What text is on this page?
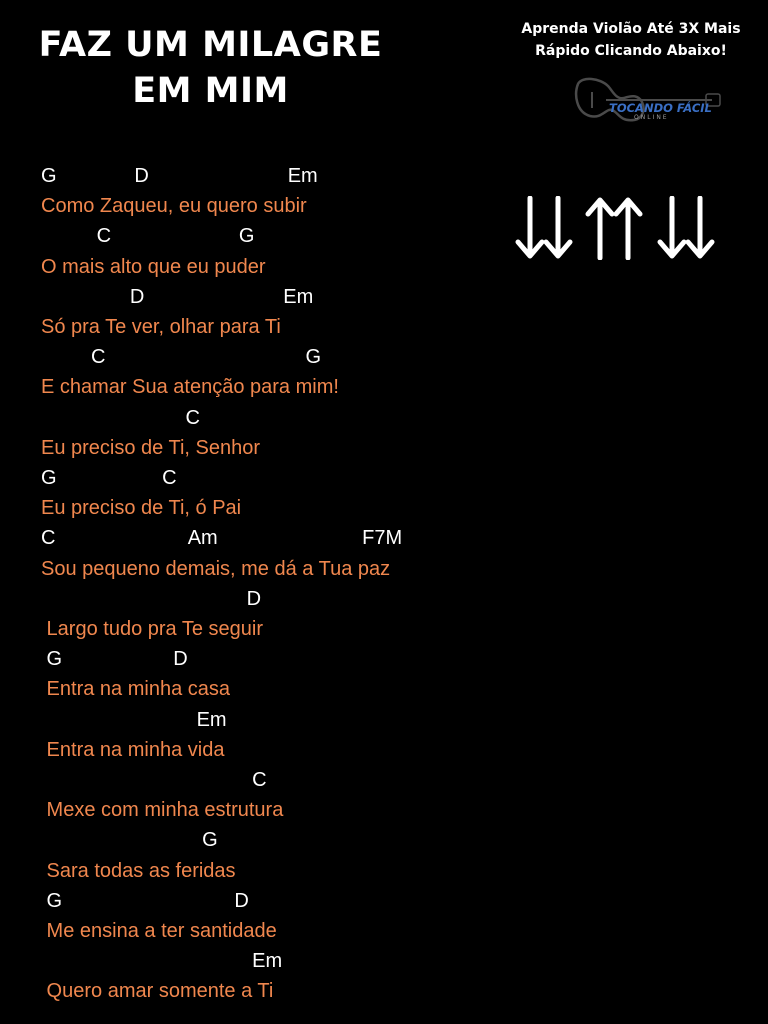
FAZ UM MILAGRE
EM MIM
Aprenda Violão Até 3X Mais
Rápido Clicando Abaixo!
TOCANDO FÁCIL
ONLINE
G              D                         Em
Como Zaqueu, eu quero subir
C                       G
O mais alto que eu puder
D                         Em
Só pra Te ver, olhar para Ti
C                                    G
E chamar Sua atenção para mim!
C
Eu preciso de Ti, Senhor
G                   C
Eu preciso de Ti, ó Pai
C                        Am                          F7M
Sou pequeno demais, me dá a Tua paz
D
Largo tudo pra Te seguir
G                    D
Entra na minha casa
Em
Entra na minha vida
C
Mexe com minha estrutura
G
Sara todas as feridas
G                               D
Me ensina a ter santidade
Em
Quero amar somente a Ti
